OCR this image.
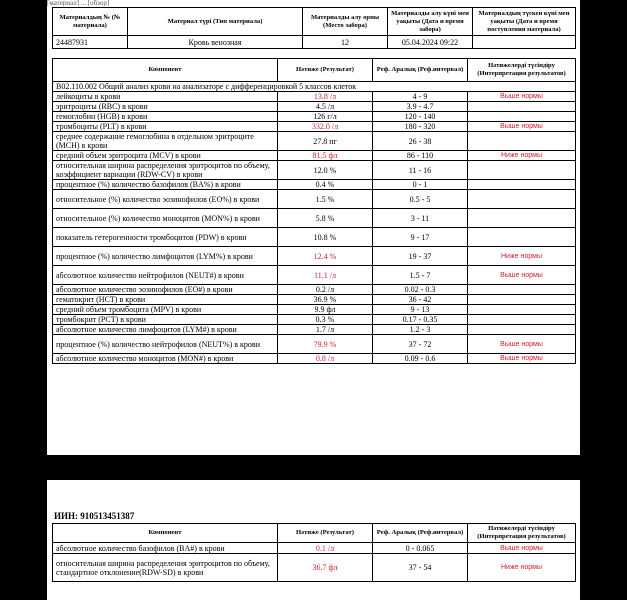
[материал] ... [обзор]
Материалдың № (№ материала)	Материал түрі (Тип материала)	Материалды алу орны (Место забора)	Материалды алу күні мен уақыты (Дата и время забора)	Материалдың түскен күні мен уақыты (Дата и время поступления материала)
24487931	Кровь венозная	12	05.04.2024 09:22	
Компонент	Нәтиже (Результат)	Реф. Аралық (Реф.интервал)	Нәтижелерді түсіндіру (Интерпретация результатов)
B02.110.002 Общий анализ крови на анализаторе с дифференцировкой 5 классов клеток			
лейкоциты в крови	13.8 /л	4 - 9	Выше нормы
эритроциты (RBC) в крови	4.5 /л	3.9 - 4.7	
гемоглобин (HGB) в крови	126 г/л	120 - 140	
тромбоциты (PLT) в крови	332.0 /л	180 - 320	Выше нормы
среднее содержание гемоглобина в отдельном эритроците (MCH) в крови	27.8 пг	26 - 38	
средний объем эритроцита (MCV) в крови	81.5 фл	86 - 110	Ниже нормы
относительная ширина распределения эритроцитов по объему, коэффициент вариации (RDW-CV) в крови	12.0 %	11 - 16	
процентное (%) количество базофилов (BA%) в крови	0.4 %	0 - 1	
относительное (%) количество эозинофилов (EO%) в крови	1.5 %	0.5 - 5	
относительное (%) количество моноцитов (MON%) в крови	5.8 %	3 - 11	
показатель гетерогенности тромбоцитов (PDW) в крови	10.8 %	9 - 17	
процентное (%) количество лимфоцитов (LYM%) в крови	12.4 %	19 - 37	Ниже нормы
абсолютное количество нейтрофилов (NEUT#) в крови	11.1 /л	1.5 - 7	Выше нормы
абсолютное количество эозинофилов (EO#) в крови	0.2 /л	0.02 - 0.3	
гематокрит (HCT) в крови	36.9 %	36 - 42	
средний объем тромбоцита (MPV) в крови	9.9 фл	9 - 13	
тромбокрит (PCT) в крови	0.3 %	0.17 - 0.35	
абсолютное количество лимфоцитов (LYM#) в крови	1.7 /л	1.2 - 3	
процентное (%) количество нейтрофилов (NEUT%) в крови	79.9 %	37 - 72	Выше нормы
абсолютное количество моноцитов (MON#) в крови	0.8 /л	0.09 - 0.6	Выше нормы
ИИН: 910513451387
Компонент	Нәтиже (Результат)	Реф. Аралық (Реф.интервал)	Нәтижелерді түсіндіру (Интерпретация результатов)
абсолютное количество базофилов (BA#) в крови	0.1 /л	0 - 0.065	Выше нормы
относительная ширина распределения эритроцитов по объему, стандартное отклонение(RDW-SD) в крови	36.7 фл	37 - 54	Ниже нормы
